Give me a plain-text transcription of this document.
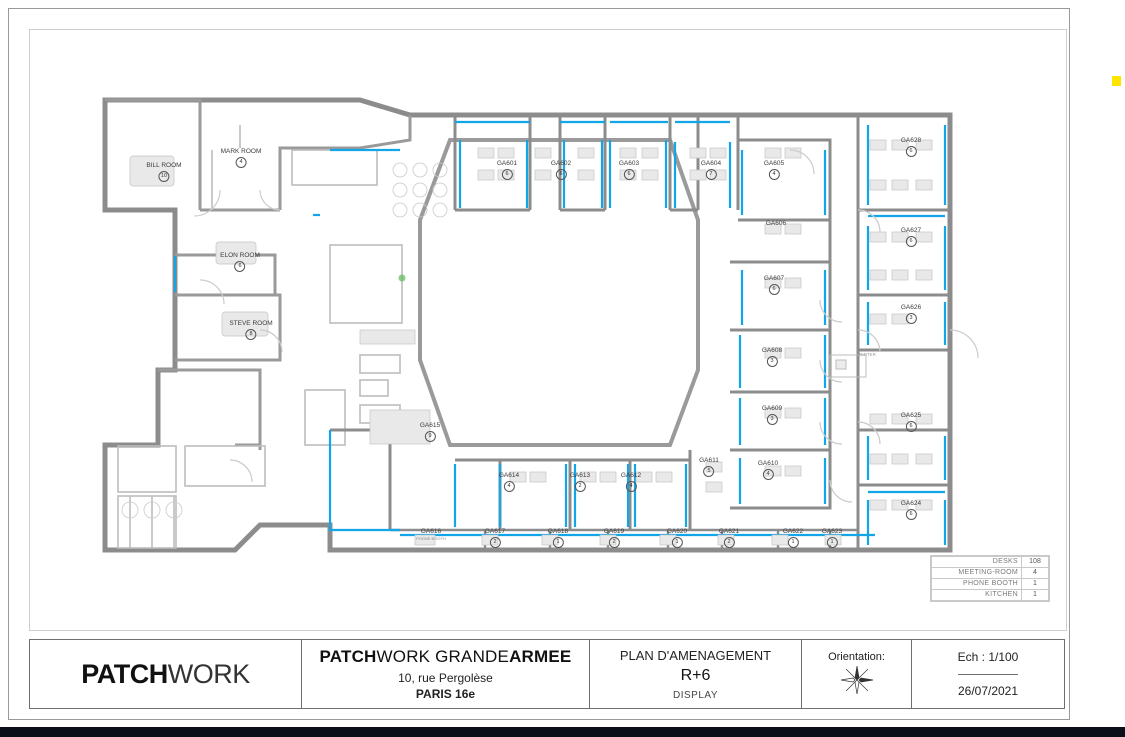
BILL ROOM
10
MARK ROOM
4
ELON ROOM
6
STEVE ROOM
8
GA601
6
GA602
6
GA603
6
GA604
7
GA605
4
GA606
GA607
6
GA608
3
GA609
3
GA610
4
GA611
5
GA612
4
GA613
2
GA614
4
GA615
9
GA616
PHONE BOOTH
GA617
2
GA618
1
GA619
2
GA620
1
GA621
2
GA622
1
GA623
1
GA624
6
GA625
6
GA626
3
GA627
6
GA628
6
PRINTER
DESKS	108
MEETING-ROOM	4
PHONE BOOTH	1
KITCHEN	1
PATCHWORK
PATCHWORK GRANDEARMEE
10, rue Pergolèse
PARIS 16e
PLAN D'AMENAGEMENT
R+6
DISPLAY
Orientation:	Ech : 1/100
26/07/2021
